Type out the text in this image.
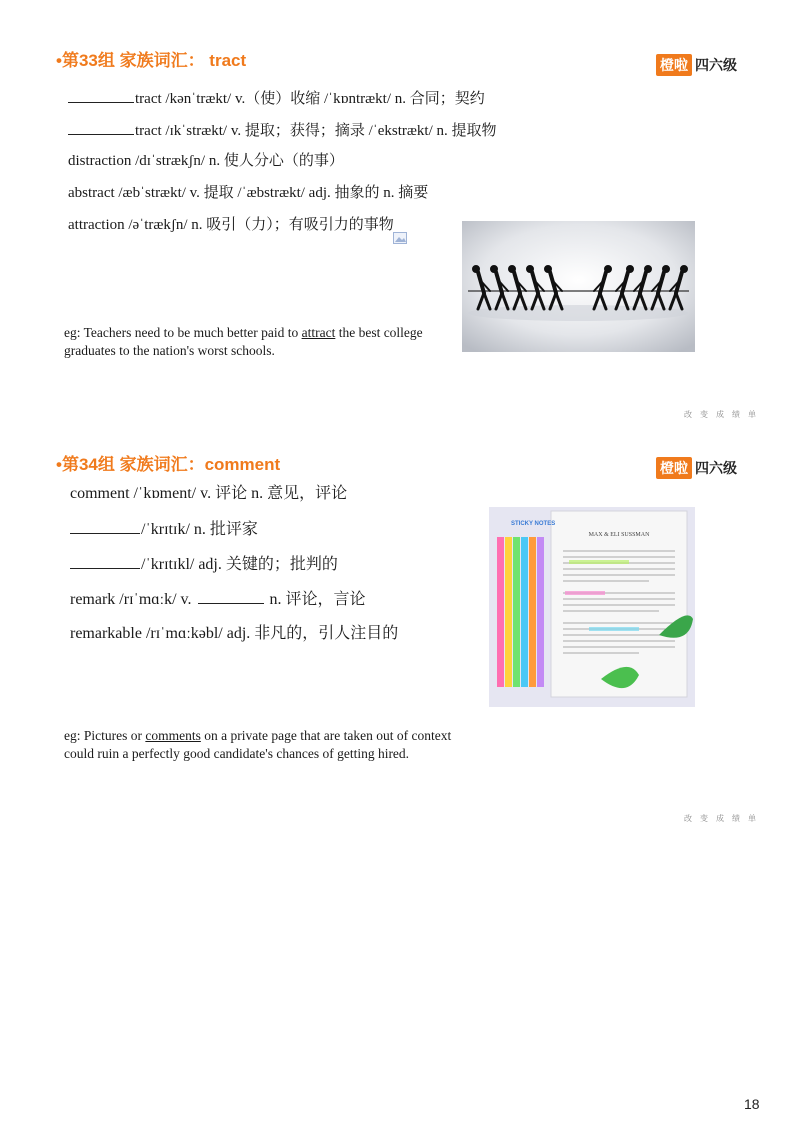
•第33组 家族词汇： tract	橙啦 四六级
tract /kənˈtrækt/ v.（使）收缩 /ˈkɒntrækt/ n. 合同；契约
tract /ɪkˈstrækt/ v. 提取；获得；摘录 /ˈekstrækt/ n. 提取物
distraction /dɪˈstrækʃn/ n. 使人分心（的事）
abstract /æbˈstrækt/ v. 提取 /ˈæbstrækt/ adj. 抽象的 n. 摘要
attraction /əˈtrækʃn/ n. 吸引（力）；有吸引力的事物
eg: Teachers need to be much better paid to attract the best college graduates to the nation's worst schools.
改 变 成 绩 单
•第34组 家族词汇：comment	橙啦 四六级
comment /ˈkɒment/ v. 评论 n. 意见，评论
/ˈkrɪtɪk/ n. 批评家
/ˈkrɪtɪkl/ adj. 关键的；批判的
remark /rɪˈmɑːk/ v.	n. 评论，言论
remarkable /rɪˈmɑːkəbl/ adj. 非凡的，引人注目的
MAX & ELI SUSSMAN
STICKY NOTES
eg: Pictures or comments on a private page that are taken out of context could ruin a perfectly good candidate's chances of getting hired.
改 变 成 绩 单
18
